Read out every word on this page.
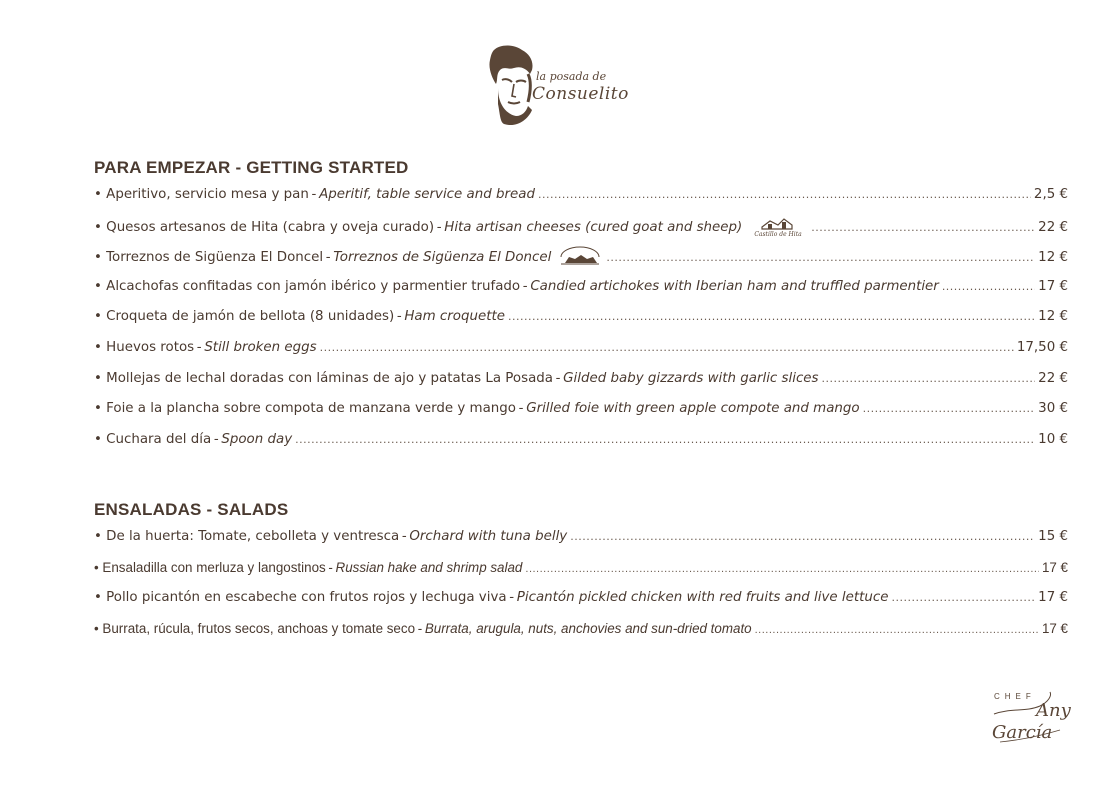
la posada de
Consuelito
PARA EMPEZAR - GETTING STARTED
• Aperitivo, servicio mesa y pan - Aperitif, table service and bread .....	2,5 €
• Quesos artesanos de Hita (cabra y oveja curado) - Hita artisan cheeses (cured goat and sheep) Castillo de Hita .....	22 €
• Torreznos de Sigüenza El Doncel - Torreznos de Sigüenza El Doncel .....	12 €
• Alcachofas confitadas con jamón ibérico y parmentier trufado - Candied artichokes with Iberian ham and truffled parmentier .....	17 €
• Croqueta de jamón de bellota (8 unidades) - Ham croquette .....	12 €
• Huevos rotos - Still broken eggs .....	17,50 €
• Mollejas de lechal doradas con láminas de ajo y patatas La Posada - Gilded baby gizzards with garlic slices .....	22 €
• Foie a la plancha sobre compota de manzana verde y mango - Grilled foie with green apple compote and mango .....	30 €
• Cuchara del día - Spoon day .....	10 €
ENSALADAS - SALADS
• De la huerta: Tomate, cebolleta y ventresca - Orchard with tuna belly .....	15 €
• Ensaladilla con merluza y langostinos - Russian hake and shrimp salad .....	17 €
• Pollo picantón en escabeche con frutos rojos y lechuga viva - Picantón pickled chicken with red fruits and live lettuce .....	17 €
• Burrata, rúcula, frutos secos, anchoas y tomate seco - Burrata, arugula, nuts, anchovies and sun-dried tomato .....	17 €
CHEF
Any
García
